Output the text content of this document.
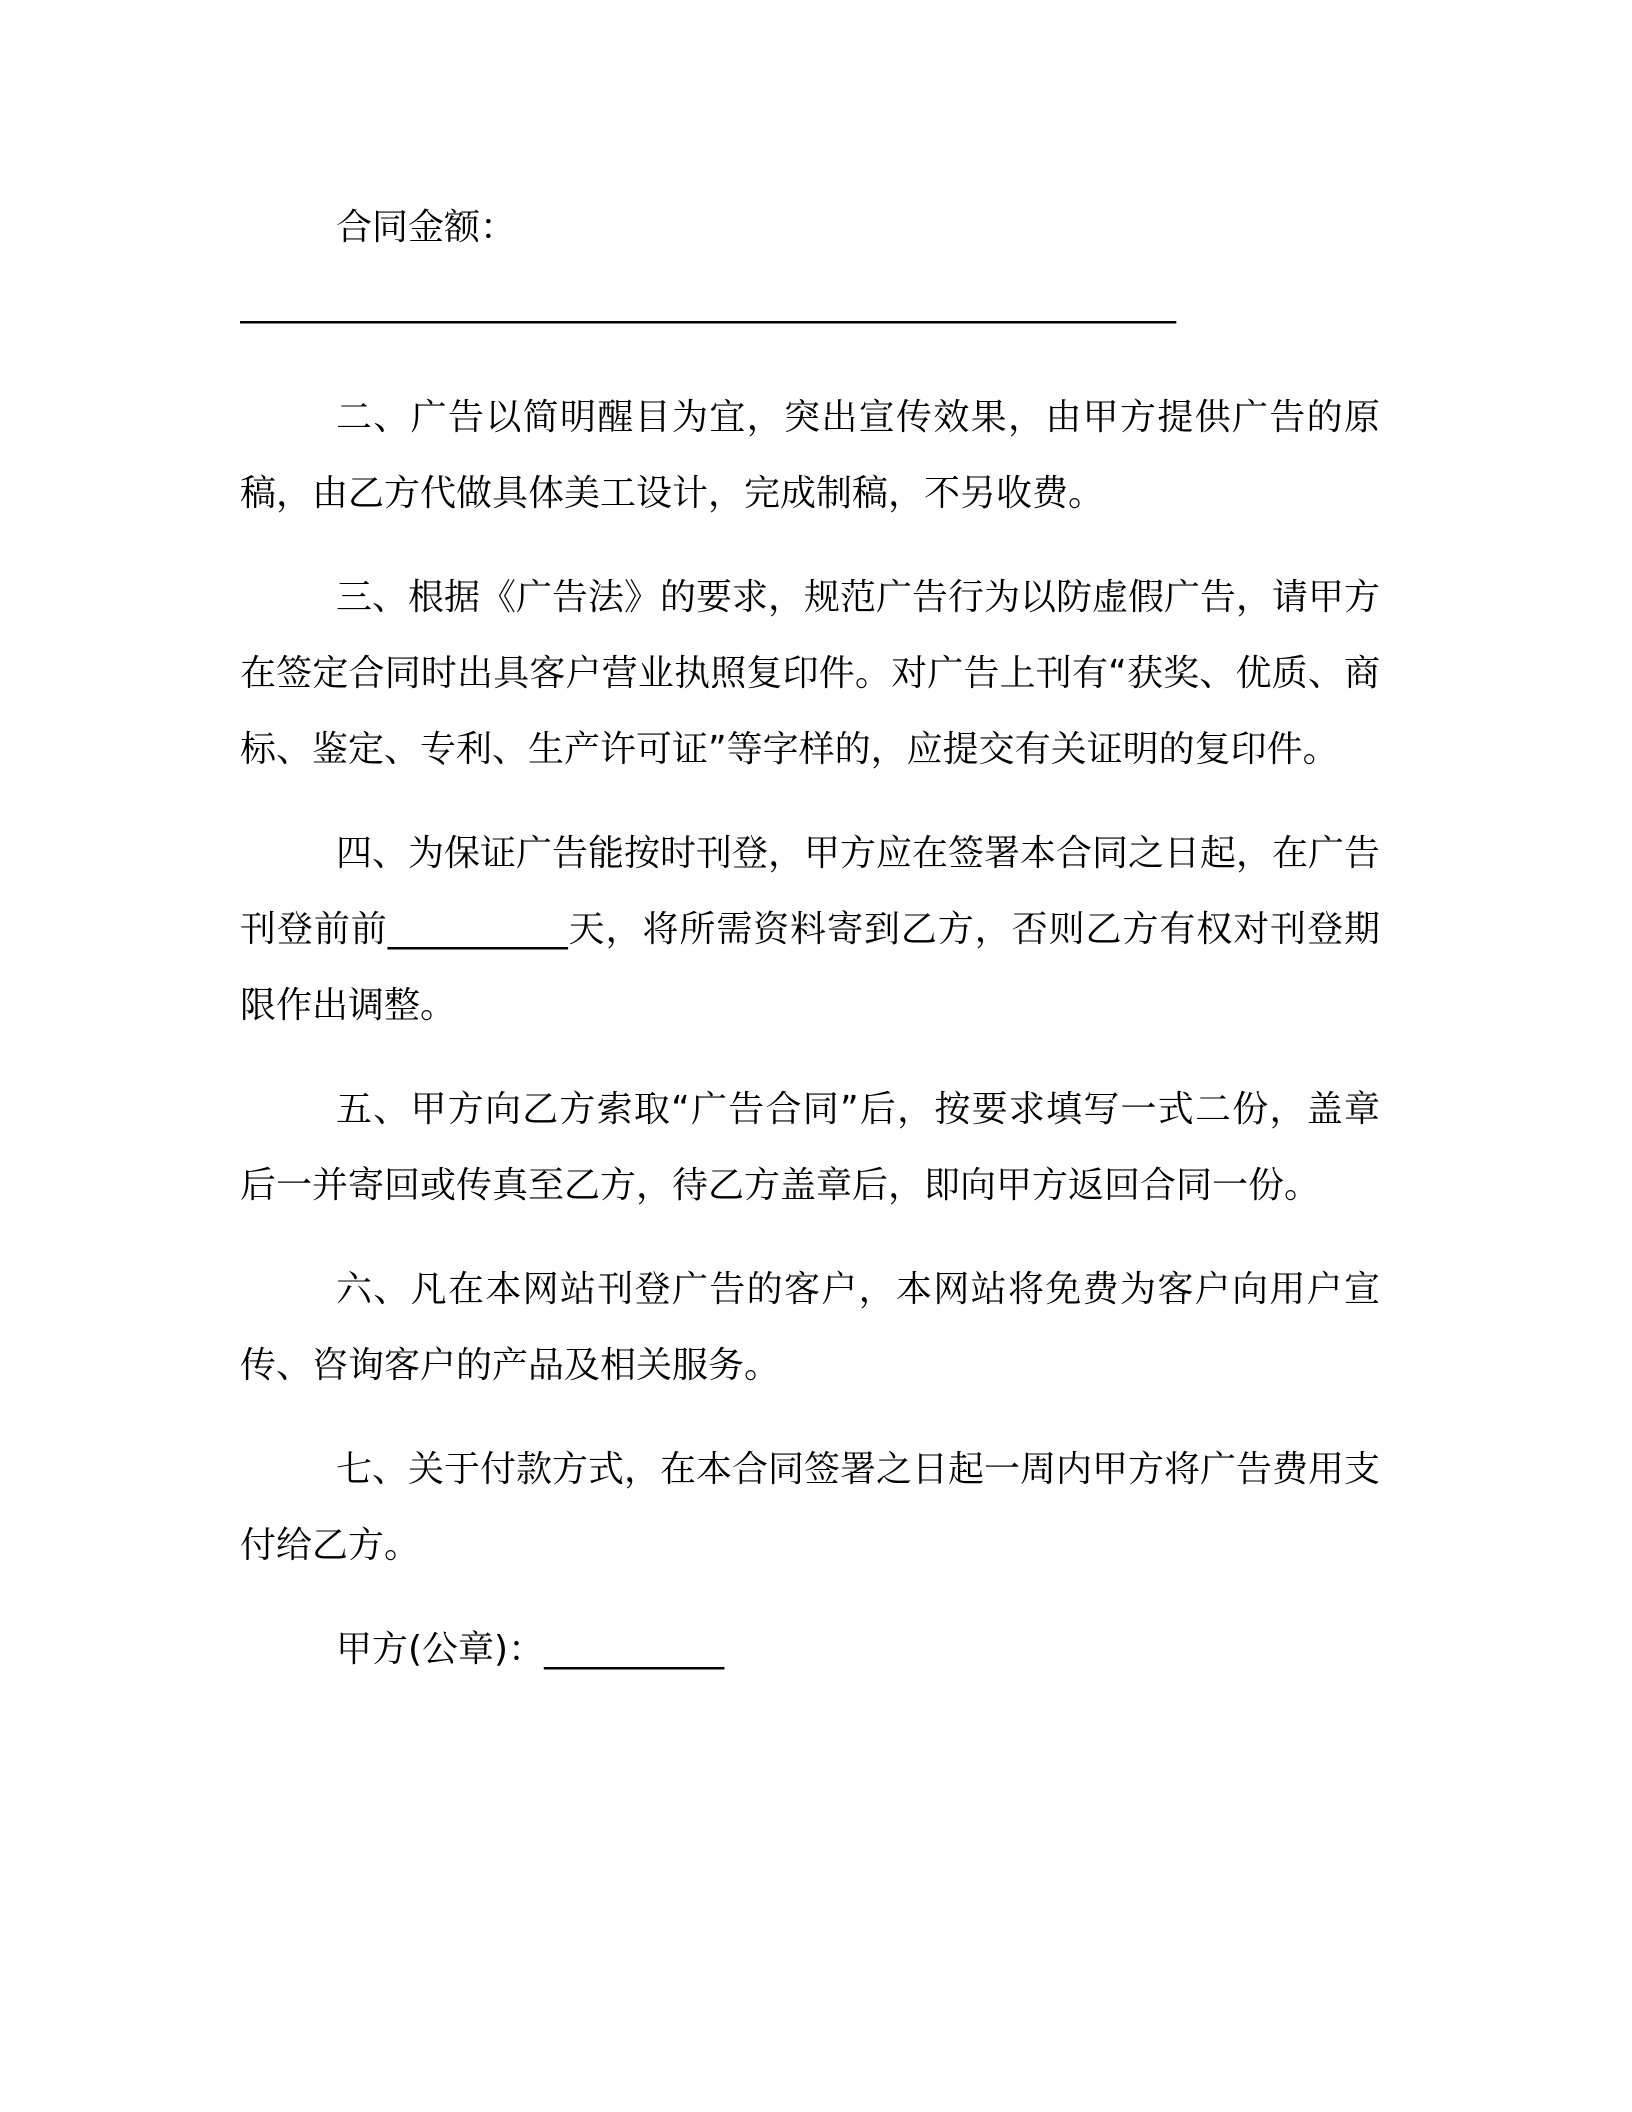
合同金额：

____________________________________________________

二、广告以简明醒目为宜，突出宣传效果，由甲方提供广告的原稿，由乙方代做具体美工设计，完成制稿，不另收费。

三、根据《广告法》的要求，规范广告行为以防虚假广告，请甲方在签定合同时出具客户营业执照复印件。对广告上刊有“获奖、优质、商标、鉴定、专利、生产许可证”等字样的，应提交有关证明的复印件。

四、为保证广告能按时刊登，甲方应在签署本合同之日起，在广告刊登前前__________天，将所需资料寄到乙方，否则乙方有权对刊登期限作出调整。

五、甲方向乙方索取“广告合同”后，按要求填写一式二份，盖章后一并寄回或传真至乙方，待乙方盖章后，即向甲方返回合同一份。

六、凡在本网站刊登广告的客户，本网站将免费为客户向用户宣传、咨询客户的产品及相关服务。

七、关于付款方式，在本合同签署之日起一周内甲方将广告费用支付给乙方。

甲方(公章)：__________
